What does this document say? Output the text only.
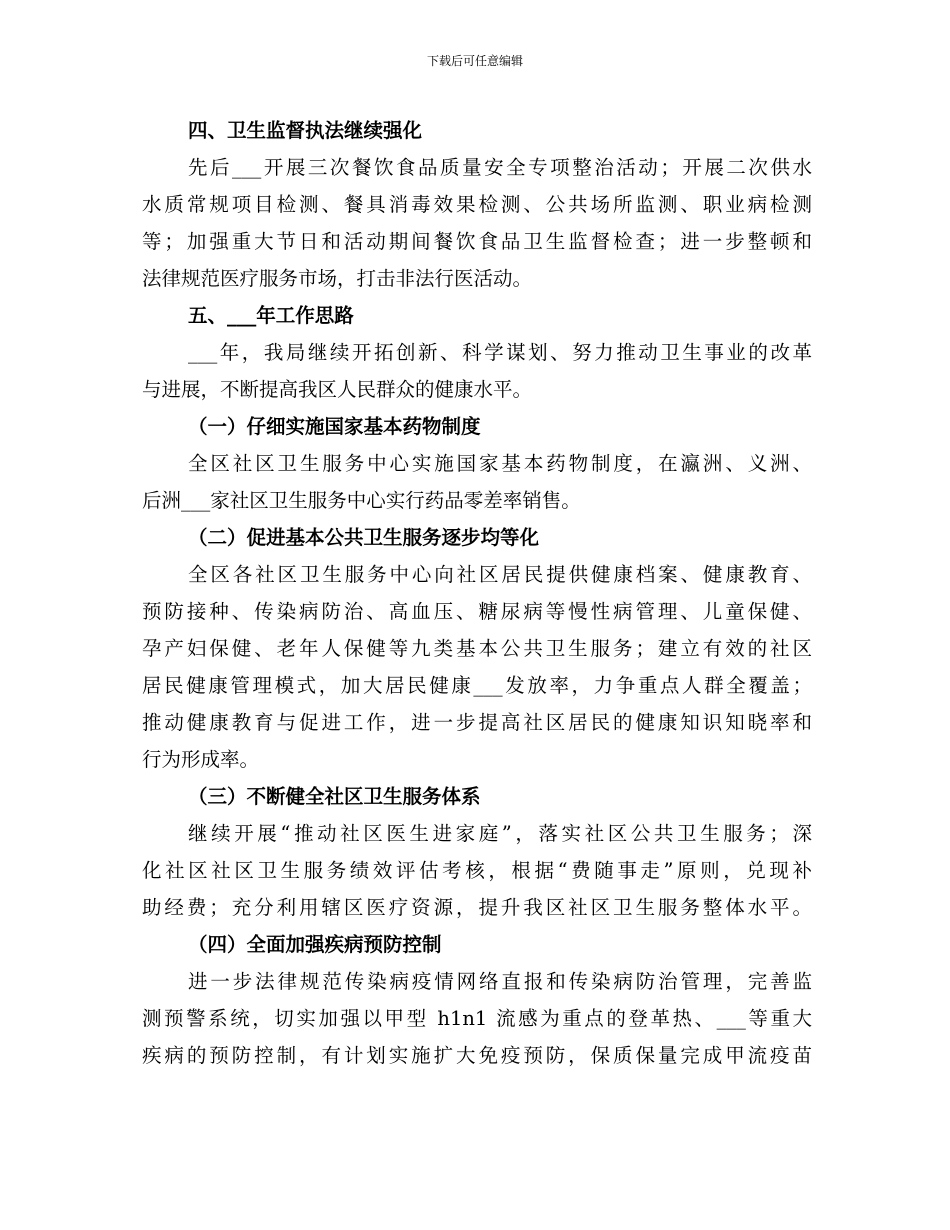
下载后可任意编辑
四、卫生监督执法继续强化
先后___开展三次餐饮食品质量安全专项整治活动；开展二次供水
水质常规项目检测、餐具消毒效果检测、公共场所监测、职业病检测
等；加强重大节日和活动期间餐饮食品卫生监督检查；进一步整顿和
法律规范医疗服务市场，打击非法行医活动。
五、___年工作思路
___年，我局继续开拓创新、科学谋划、努力推动卫生事业的改革
与进展，不断提高我区人民群众的健康水平。
（一）仔细实施国家基本药物制度
全区社区卫生服务中心实施国家基本药物制度，在瀛洲、义洲、
后洲___家社区卫生服务中心实行药品零差率销售。
（二）促进基本公共卫生服务逐步均等化
全区各社区卫生服务中心向社区居民提供健康档案、健康教育、
预防接种、传染病防治、高血压、糖尿病等慢性病管理、儿童保健、
孕产妇保健、老年人保健等九类基本公共卫生服务；建立有效的社区
居民健康管理模式，加大居民健康___发放率，力争重点人群全覆盖；
推动健康教育与促进工作，进一步提高社区居民的健康知识知晓率和
行为形成率。
（三）不断健全社区卫生服务体系
继续开展“推动社区医生进家庭”，落实社区公共卫生服务；深
化社区社区卫生服务绩效评估考核，根据“费随事走”原则，兑现补
助经费；充分利用辖区医疗资源，提升我区社区卫生服务整体水平。
（四）全面加强疾病预防控制
进一步法律规范传染病疫情网络直报和传染病防治管理，完善监
测预警系统，切实加强以甲型 h1n1 流感为重点的登革热、___等重大
疾病的预防控制，有计划实施扩大免疫预防，保质保量完成甲流疫苗
